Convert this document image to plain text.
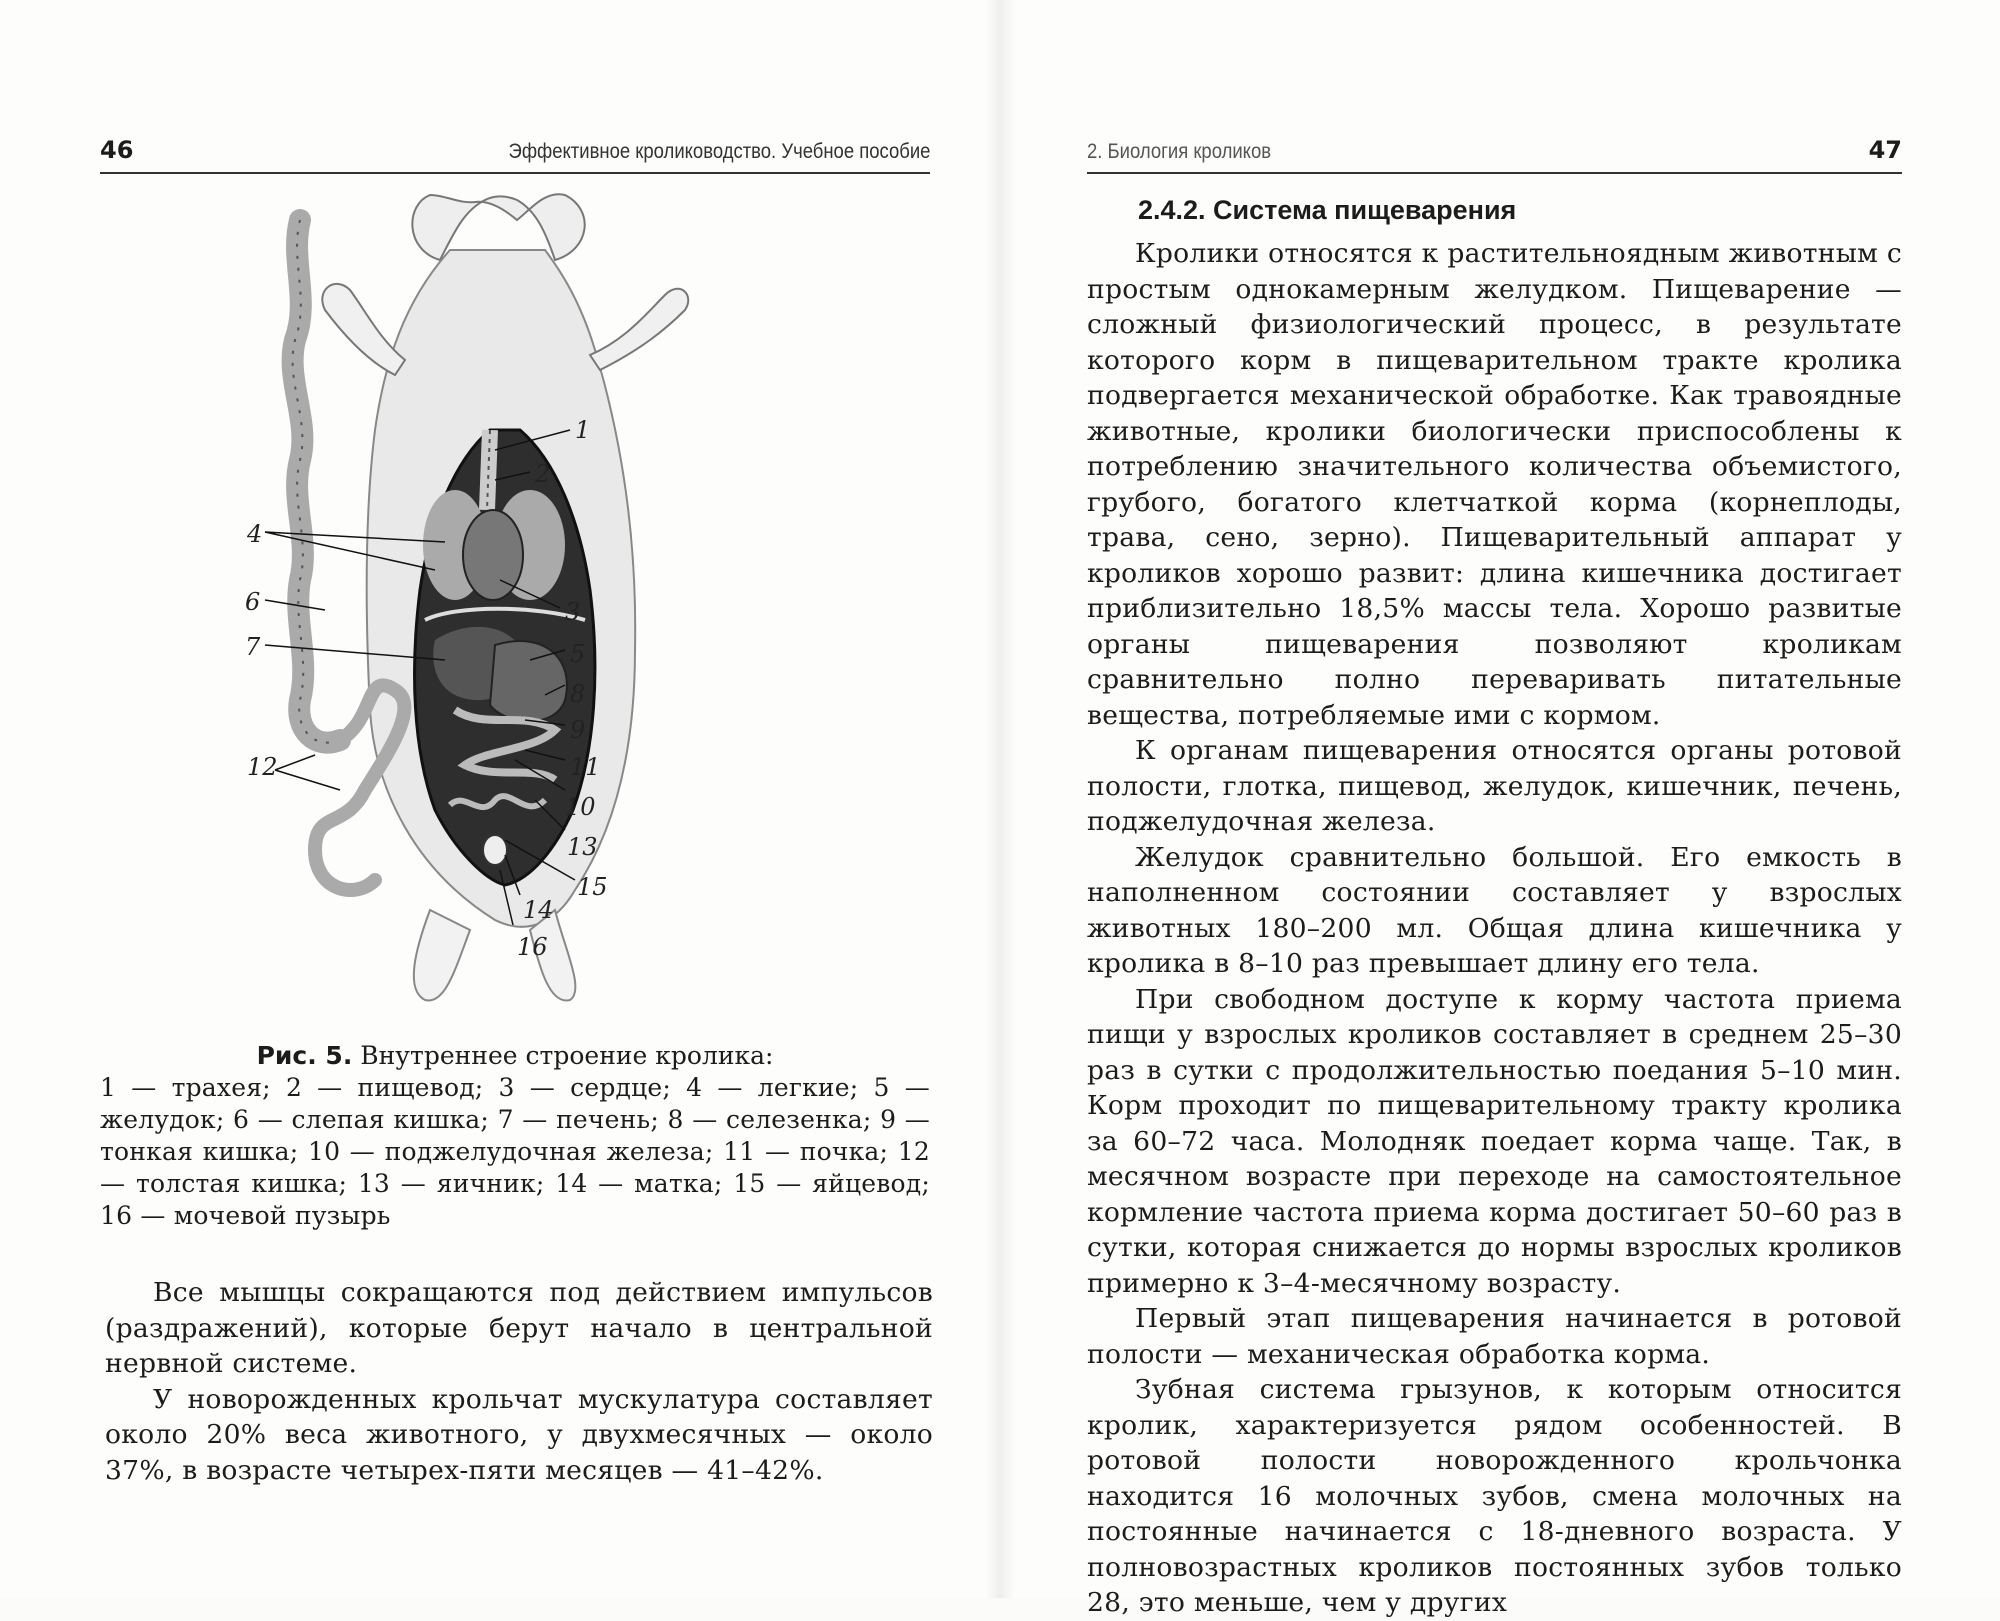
46	Эффективное кролиководство. Учебное пособие	2. Биология кроликов	47
1
2
3
4
5
6
7
8
9
10
11
12
13
14
15
16
Рис. 5. Внутреннее строение кролика:
1 — трахея; 2 — пищевод; 3 — сердце; 4 — легкие; 5 — желудок; 6 — слепая кишка; 7 — печень; 8 — селезенка; 9 — тонкая кишка; 10 — поджелудочная железа; 11 — почка; 12 — толстая кишка; 13 — яичник; 14 — матка; 15 — яйцевод; 16 — мочевой пузырь

Все мышцы сокращаются под действием импульсов (раздражений), которые берут начало в центральной нервной системе.

У новорожденных крольчат мускулатура составляет около 20% веса животного, у двухмесячных — около 37%, в возрасте четырех-пяти месяцев — 41–42%.

2.4.2. Система пищеварения

Кролики относятся к растительноядным животным с простым однокамерным желудком. Пищеварение — сложный физиологический процесс, в результате которого корм в пищеварительном тракте кролика подвергается механической обработке. Как травоядные животные, кролики биологически приспособлены к потреблению значительного количества объемистого, грубого, богатого клетчаткой корма (корнеплоды, трава, сено, зерно). Пищеварительный аппарат у кроликов хорошо развит: длина кишечника достигает приблизительно 18,5% массы тела. Хорошо развитые органы пищеварения позволяют кроликам сравнительно полно переваривать питательные вещества, потребляемые ими с кормом.

К органам пищеварения относятся органы ротовой полости, глотка, пищевод, желудок, кишечник, печень, поджелудочная железа.

Желудок сравнительно большой. Его емкость в наполненном состоянии составляет у взрослых животных 180–200 мл. Общая длина кишечника у кролика в 8–10 раз превышает длину его тела.

При свободном доступе к корму частота приема пищи у взрослых кроликов составляет в среднем 25–30 раз в сутки с продолжительностью поедания 5–10 мин. Корм проходит по пищеварительному тракту кролика за 60–72 часа. Молодняк поедает корма чаще. Так, в месячном возрасте при переходе на самостоятельное кормление частота приема корма достигает 50–60 раз в сутки, которая снижается до нормы взрослых кроликов примерно к 3–4-месячному возрасту.

Первый этап пищеварения начинается в ротовой полости — механическая обработка корма.

Зубная система грызунов, к которым относится кролик, характеризуется рядом особенностей. В ротовой полости новорожденного крольчонка находится 16 молочных зубов, смена молочных на постоянные начинается с 18-дневного возраста. У полновозрастных кроликов постоянных зубов только 28, это меньше, чем у других
